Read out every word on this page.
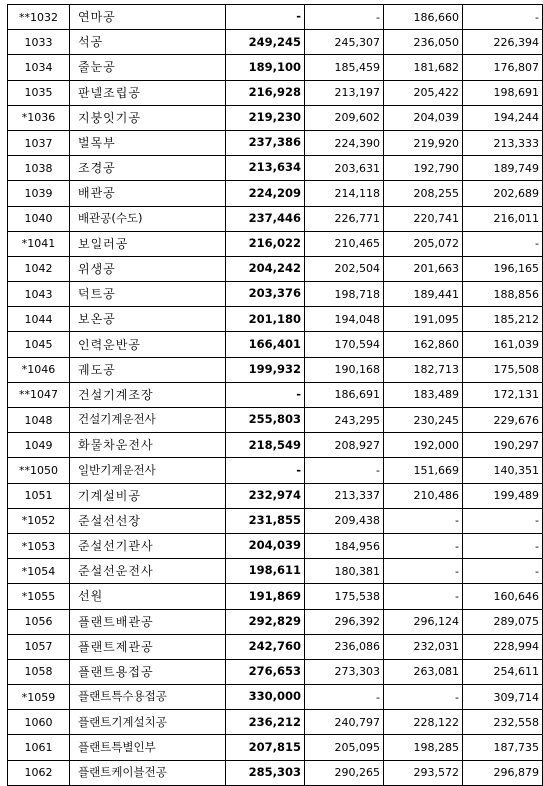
**1032	연마공	-	-	186,660	-
1033	석공	249,245	245,307	236,050	226,394
1034	줄눈공	189,100	185,459	181,682	176,807
1035	판넬조립공	216,928	213,197	205,422	198,691
*1036	지붕잇기공	219,230	209,602	204,039	194,244
1037	벌목부	237,386	224,390	219,920	213,333
1038	조경공	213,634	203,631	192,790	189,749
1039	배관공	224,209	214,118	208,255	202,689
1040	배관공(수도)	237,446	226,771	220,741	216,011
*1041	보일러공	216,022	210,465	205,072	-
1042	위생공	204,242	202,504	201,663	196,165
1043	덕트공	203,376	198,718	189,441	188,856
1044	보온공	201,180	194,048	191,095	185,212
1045	인력운반공	166,401	170,594	162,860	161,039
*1046	궤도공	199,932	190,168	182,713	175,508
**1047	건설기계조장	-	186,691	183,489	172,131
1048	건설기계운전사	255,803	243,295	230,245	229,676
1049	화물차운전사	218,549	208,927	192,000	190,297
**1050	일반기계운전사	-	-	151,669	140,351
1051	기계설비공	232,974	213,337	210,486	199,489
*1052	준설선선장	231,855	209,438	-	-
*1053	준설선기관사	204,039	184,956	-	-
*1054	준설선운전사	198,611	180,381	-	-
*1055	선원	191,869	175,538	-	160,646
1056	플랜트배관공	292,829	296,392	296,124	289,075
1057	플랜트제관공	242,760	236,086	232,031	228,994
1058	플랜트용접공	276,653	273,303	263,081	254,611
*1059	플랜트특수용접공	330,000	-	-	309,714
1060	플랜트기계설치공	236,212	240,797	228,122	232,558
1061	플랜트특별인부	207,815	205,095	198,285	187,735
1062	플랜트케이블전공	285,303	290,265	293,572	296,879
